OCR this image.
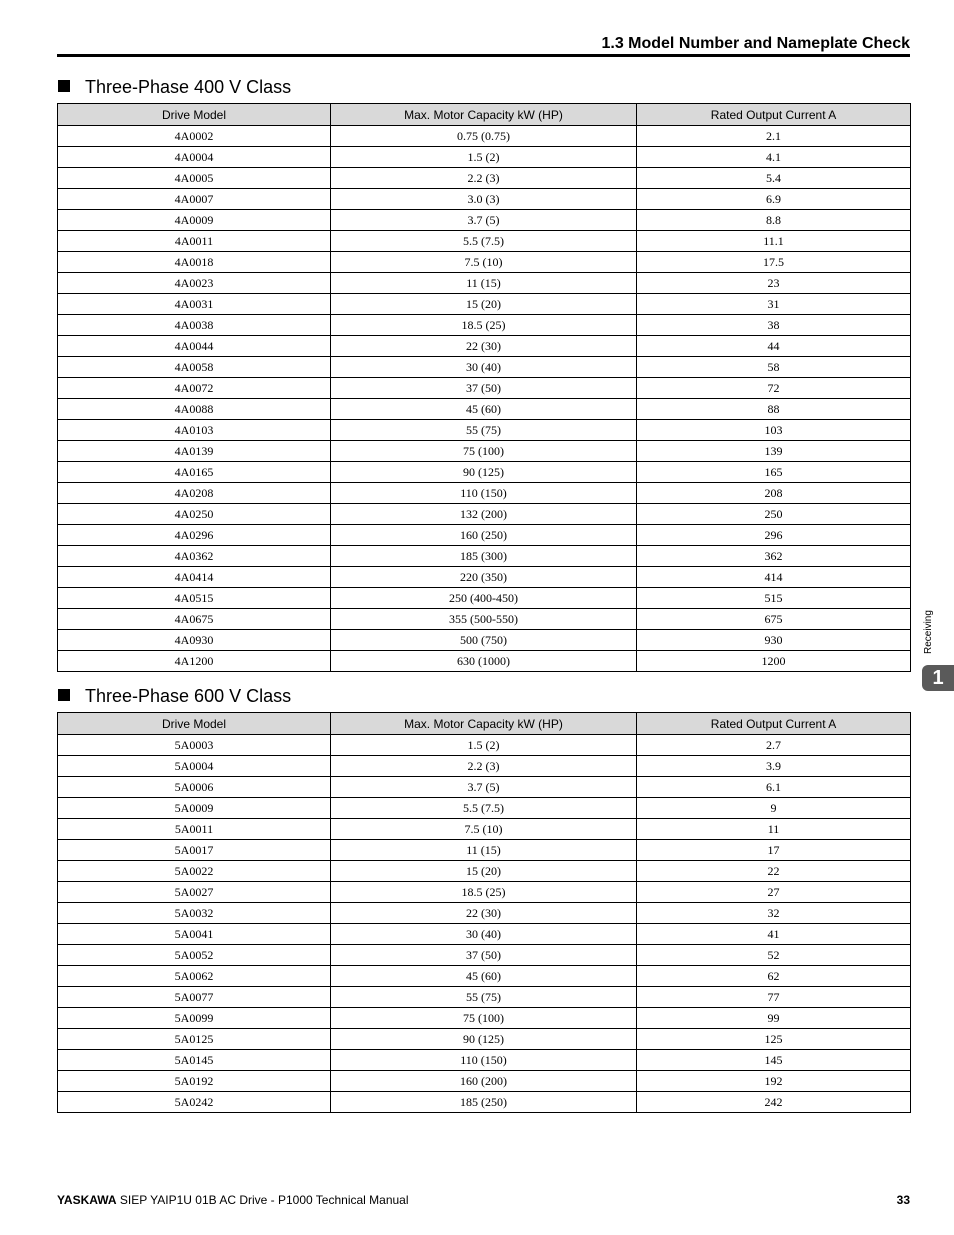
1.3 Model Number and Nameplate Check
Three-Phase 400 V Class
Drive Model	Max. Motor Capacity kW (HP)	Rated Output Current A
4A0002	0.75 (0.75)	2.1
4A0004	1.5 (2)	4.1
4A0005	2.2 (3)	5.4
4A0007	3.0 (3)	6.9
4A0009	3.7 (5)	8.8
4A0011	5.5 (7.5)	11.1
4A0018	7.5 (10)	17.5
4A0023	11 (15)	23
4A0031	15 (20)	31
4A0038	18.5 (25)	38
4A0044	22 (30)	44
4A0058	30 (40)	58
4A0072	37 (50)	72
4A0088	45 (60)	88
4A0103	55 (75)	103
4A0139	75 (100)	139
4A0165	90 (125)	165
4A0208	110 (150)	208
4A0250	132 (200)	250
4A0296	160 (250)	296
4A0362	185 (300)	362
4A0414	220 (350)	414
4A0515	250 (400-450)	515
4A0675	355 (500-550)	675
4A0930	500 (750)	930
4A1200	630 (1000)	1200
Three-Phase 600 V Class
Drive Model	Max. Motor Capacity kW (HP)	Rated Output Current A
5A0003	1.5 (2)	2.7
5A0004	2.2 (3)	3.9
5A0006	3.7 (5)	6.1
5A0009	5.5 (7.5)	9
5A0011	7.5 (10)	11
5A0017	11 (15)	17
5A0022	15 (20)	22
5A0027	18.5 (25)	27
5A0032	22 (30)	32
5A0041	30 (40)	41
5A0052	37 (50)	52
5A0062	45 (60)	62
5A0077	55 (75)	77
5A0099	75 (100)	99
5A0125	90 (125)	125
5A0145	110 (150)	145
5A0192	160 (200)	192
5A0242	185 (250)	242
Receiving
1
YASKAWA SIEP YAIP1U 01B AC Drive - P1000 Technical Manual	33
